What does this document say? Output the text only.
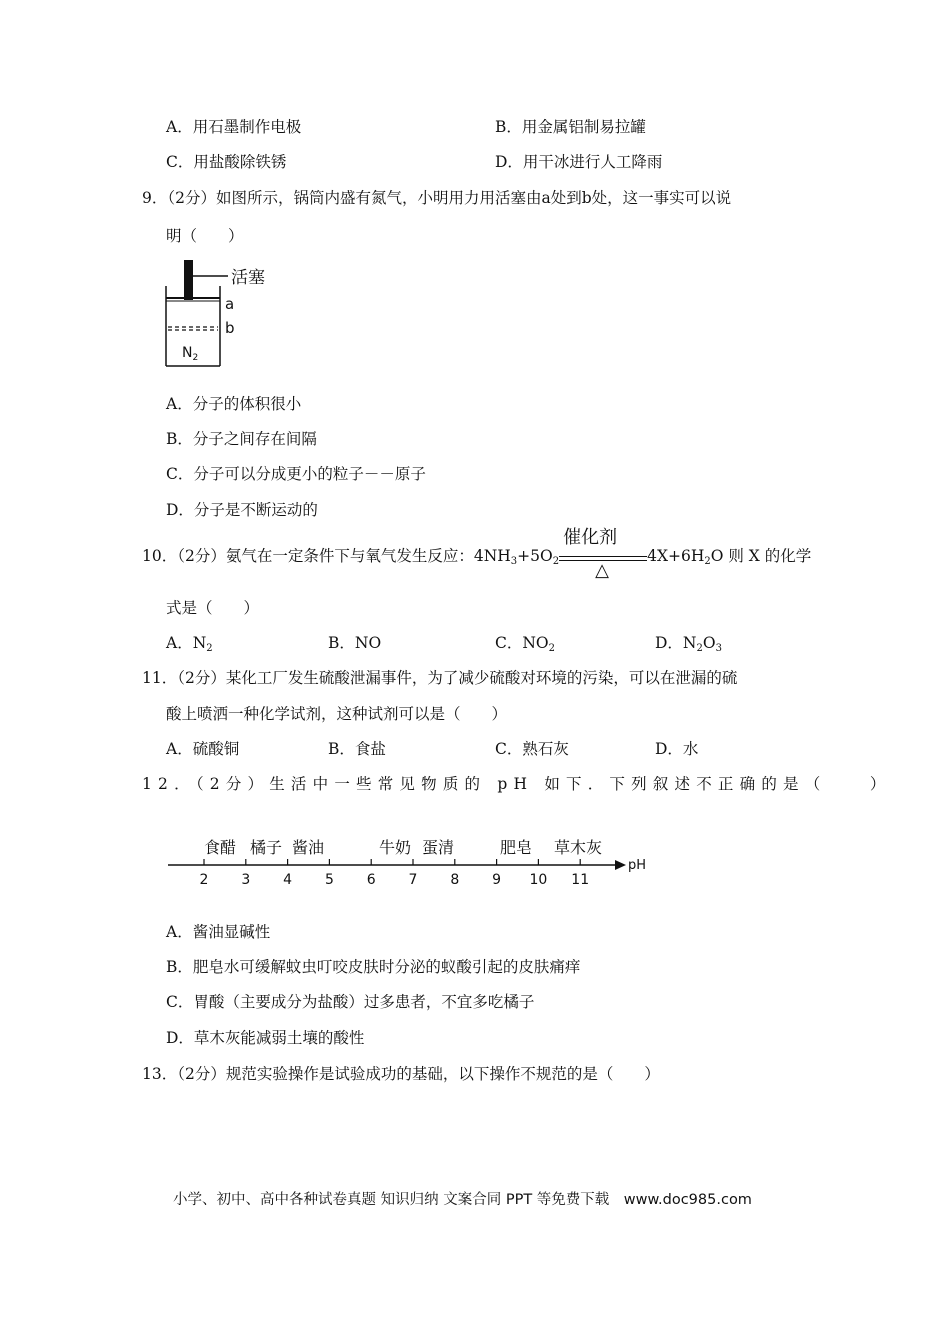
A．用石墨制作电极	B．用金属铝制易拉罐
C．用盐酸除铁锈	D．用干冰进行人工降雨
9．（2分）如图所示，锅筒内盛有氮气，小明用力用活塞由a处到b处，这一事实可以说
明（　　）
活塞
a
b
$N_2$
A．分子的体积很小
B．分子之间存在间隔
C．分子可以分成更小的粒子－－原子
D．分子是不断运动的
10．（2分）氨气在一定条件下与氧气发生反应：$4NH_3+5O_2$
催化剂
△
$4X+6H_2O$ 则 X 的化学
式是（　　）
A．$N_2$	B．NO	C．$NO_2$	D．$N_2O_3$
11．（2分）某化工厂发生硫酸泄漏事件，为了减少硫酸对环境的污染，可以在泄漏的硫
酸上喷洒一种化学试剂，这种试剂可以是（　　）
A．硫酸铜	B．食盐	C．熟石灰	D．水
12．（2分）生活中一些常见物质的 pH 如下．下列叙述不正确的是（　　）
pH
2 3 4 5 6 7 8 9 10 11
食醋 橘子 酱油	牛奶 蛋清	肥皂 草木灰
A．酱油显碱性
B．肥皂水可缓解蚊虫叮咬皮肤时分泌的蚁酸引起的皮肤痛痒
C．胃酸（主要成分为盐酸）过多患者，不宜多吃橘子
D．草木灰能减弱土壤的酸性
13．（2分）规范实验操作是试验成功的基础，以下操作不规范的是（　　）
小学、初中、高中各种试卷真题 知识归纳 文案合同 PPT 等免费下载　www.doc985.com
